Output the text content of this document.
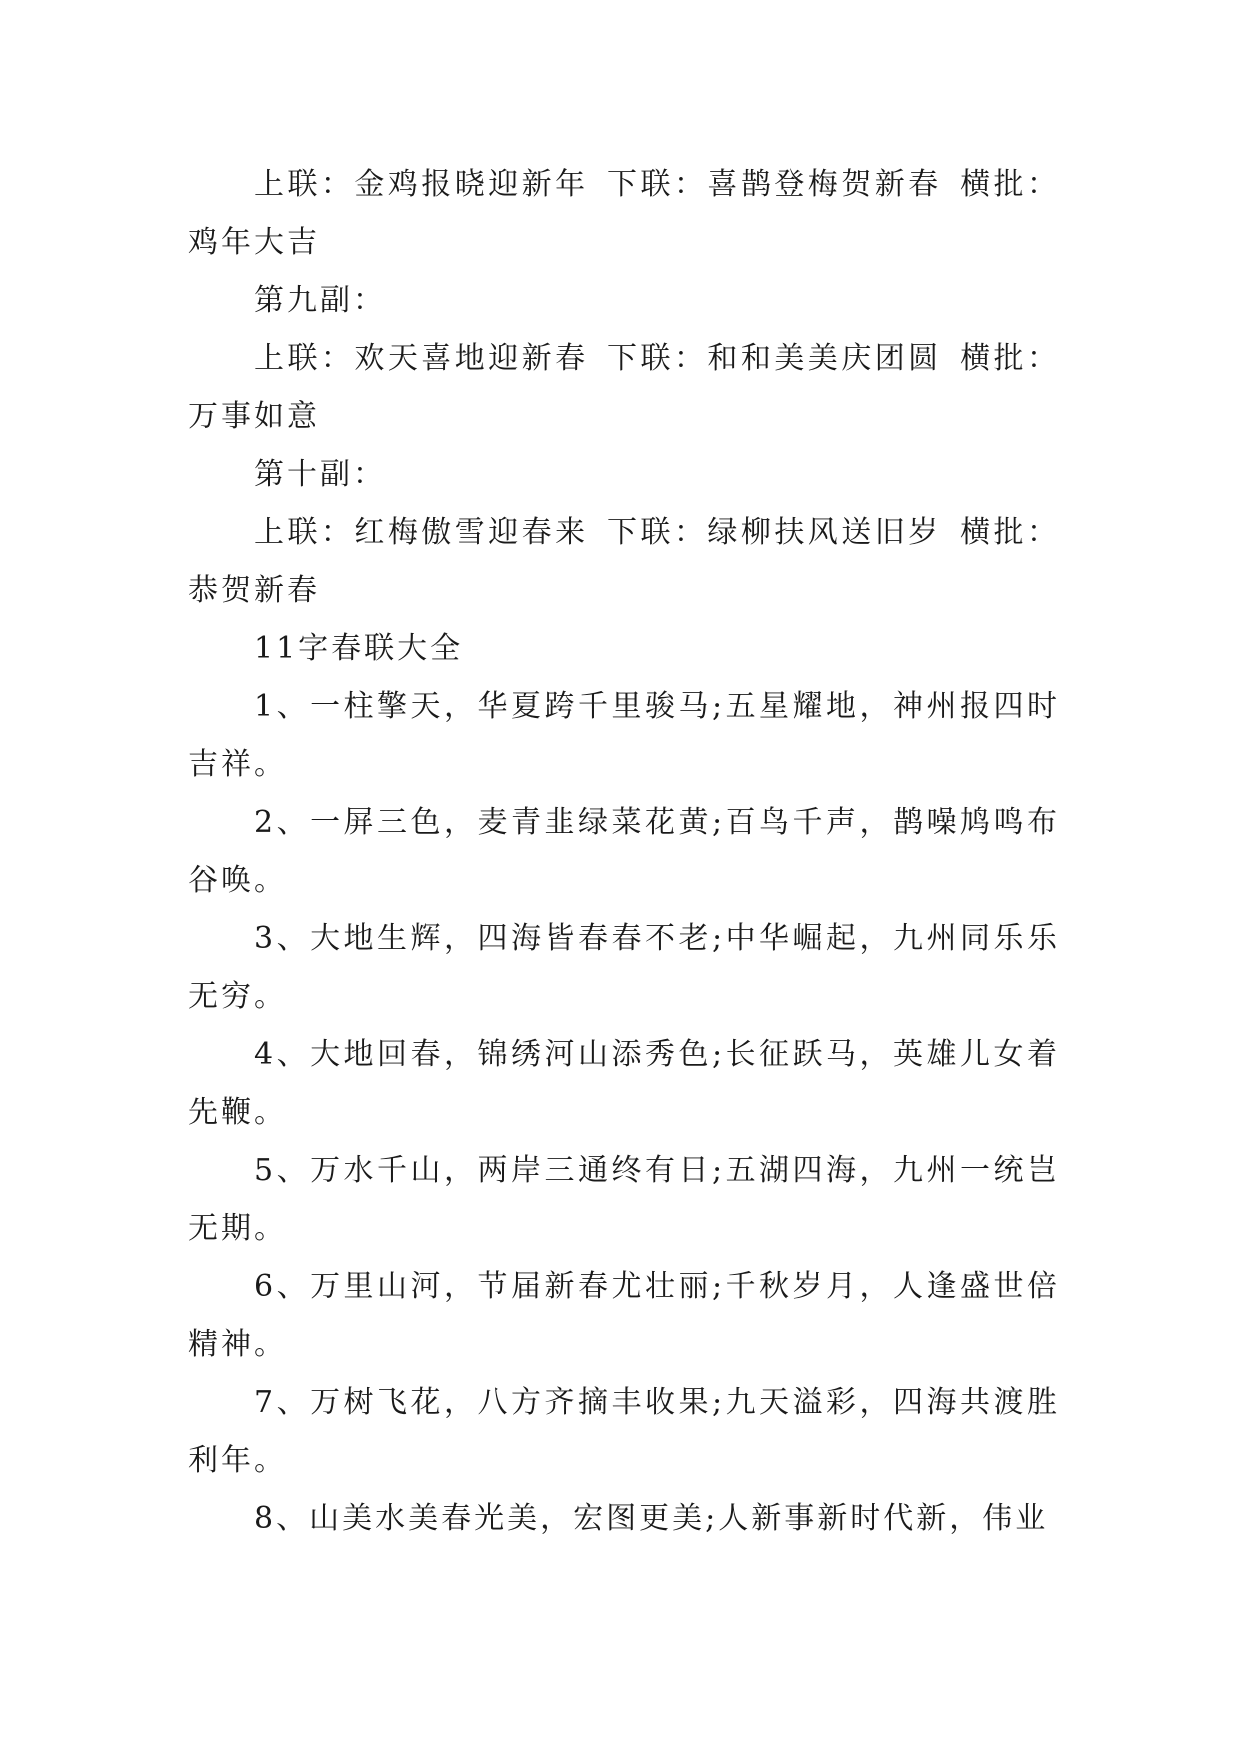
上联：金鸡报晓迎新年 下联：喜鹊登梅贺新春 横批：鸡年大吉

第九副：

上联：欢天喜地迎新春 下联：和和美美庆团圆 横批：万事如意

第十副：

上联：红梅傲雪迎春来 下联：绿柳扶风送旧岁 横批：恭贺新春

11字春联大全

1、一柱擎天，华夏跨千里骏马;五星耀地，神州报四时吉祥。

2、一屏三色，麦青韭绿菜花黄;百鸟千声，鹊噪鸠鸣布谷唤。

3、大地生辉，四海皆春春不老;中华崛起，九州同乐乐无穷。

4、大地回春，锦绣河山添秀色;长征跃马，英雄儿女着先鞭。

5、万水千山，两岸三通终有日;五湖四海，九州一统岂无期。

6、万里山河，节届新春尤壮丽;千秋岁月，人逢盛世倍精神。

7、万树飞花，八方齐摘丰收果;九天溢彩，四海共渡胜利年。

8、山美水美春光美，宏图更美;人新事新时代新，伟业
